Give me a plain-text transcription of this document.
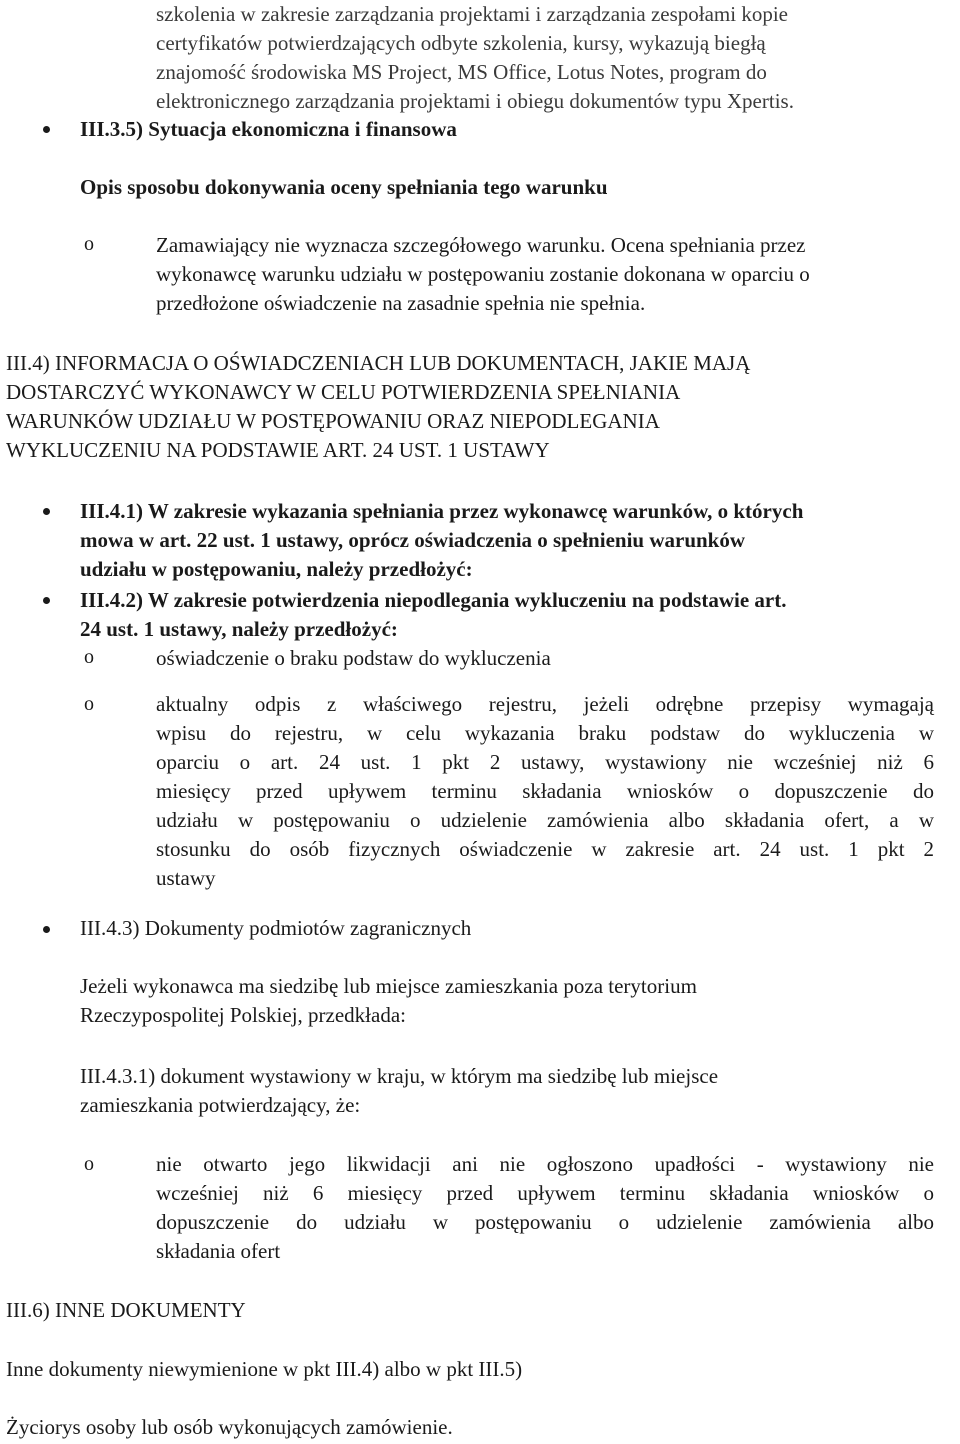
szkolenia w zakresie zarządzania projektami i zarządzania zespołami kopie
certyfikatów potwierdzających odbyte szkolenia, kursy, wykazują biegłą
znajomość środowiska MS Project, MS Office, Lotus Notes, program do
elektronicznego zarządzania projektami i obiegu dokumentów typu Xpertis.
III.3.5) Sytuacja ekonomiczna i finansowa
Opis sposobu dokonywania oceny spełniania tego warunku
o	Zamawiający nie wyznacza szczegółowego warunku. Ocena spełniania przez
wykonawcę warunku udziału w postępowaniu zostanie dokonana w oparciu o
przedłożone oświadczenie na zasadnie spełnia nie spełnia.
III.4) INFORMACJA O OŚWIADCZENIACH LUB DOKUMENTACH, JAKIE MAJĄ
DOSTARCZYĆ WYKONAWCY W CELU POTWIERDZENIA SPEŁNIANIA
WARUNKÓW UDZIAŁU W POSTĘPOWANIU ORAZ NIEPODLEGANIA
WYKLUCZENIU NA PODSTAWIE ART. 24 UST. 1 USTAWY
III.4.1) W zakresie wykazania spełniania przez wykonawcę warunków, o których
mowa w art. 22 ust. 1 ustawy, oprócz oświadczenia o spełnieniu warunków
udziału w postępowaniu, należy przedłożyć:
III.4.2) W zakresie potwierdzenia niepodlegania wykluczeniu na podstawie art.
24 ust. 1 ustawy, należy przedłożyć:
o	oświadczenie o braku podstaw do wykluczenia
o	aktualny odpis z właściwego rejestru, jeżeli odrębne przepisy wymagają
wpisu do rejestru, w celu wykazania braku podstaw do wykluczenia w
oparciu o art. 24 ust. 1 pkt 2 ustawy, wystawiony nie wcześniej niż 6
miesięcy przed upływem terminu składania wniosków o dopuszczenie do
udziału w postępowaniu o udzielenie zamówienia albo składania ofert, a w
stosunku do osób fizycznych oświadczenie w zakresie art. 24 ust. 1 pkt 2
ustawy
III.4.3) Dokumenty podmiotów zagranicznych
Jeżeli wykonawca ma siedzibę lub miejsce zamieszkania poza terytorium
Rzeczypospolitej Polskiej, przedkłada:
III.4.3.1) dokument wystawiony w kraju, w którym ma siedzibę lub miejsce
zamieszkania potwierdzający, że:
o	nie otwarto jego likwidacji ani nie ogłoszono upadłości - wystawiony nie
wcześniej niż 6 miesięcy przed upływem terminu składania wniosków o
dopuszczenie do udziału w postępowaniu o udzielenie zamówienia albo
składania ofert
III.6) INNE DOKUMENTY
Inne dokumenty niewymienione w pkt III.4) albo w pkt III.5)
Życiorys osoby lub osób wykonujących zamówienie.
